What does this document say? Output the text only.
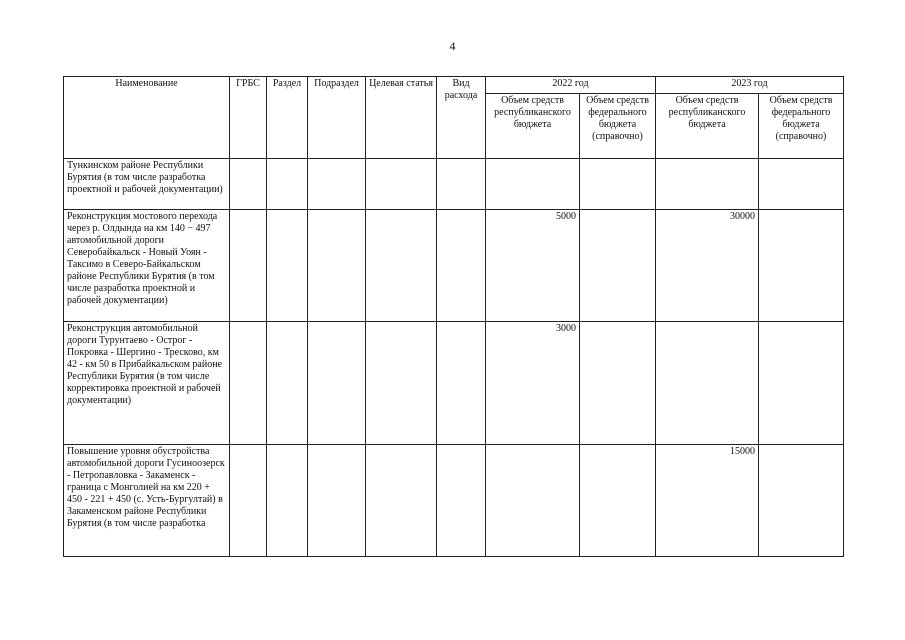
4
Наименование	ГРБС	Раздел	Подраздел	Целевая статья	Вид расхода	2022 год		2023 год	
						Объем средств республиканского бюджета	Объем средств федерального бюджета (справочно)	Объем средств республиканского бюджета	Объем средств федерального бюджета (справочно)
Тункинском районе Республики Бурятия (в том числе разработка проектной и рабочей документации)									
Реконструкция мостового перехода через р. Олдында на км 140 − 497 автомобильной дороги Северобайкальск - Новый Уоян - Таксимо в Северо-Байкальском районе Республики Бурятия (в том числе разработка проектной и рабочей документации)						5000		30000	
Реконструкция автомобильной дороги Турунтаево - Острог - Покровка - Шергино - Тресково, км 42 - км 50 в Прибайкальском районе Республики Бурятия (в том числе корректировка проектной и рабочей документации)						3000			
Повышение уровня обустройства автомобильной дороги Гусиноозерск - Петропавловка - Закаменск - граница с Монголией на км 220 + 450 - 221 + 450 (с. Усть-Бургултай) в Закаменском районе Республики Бурятия (в том числе разработка								15000	
